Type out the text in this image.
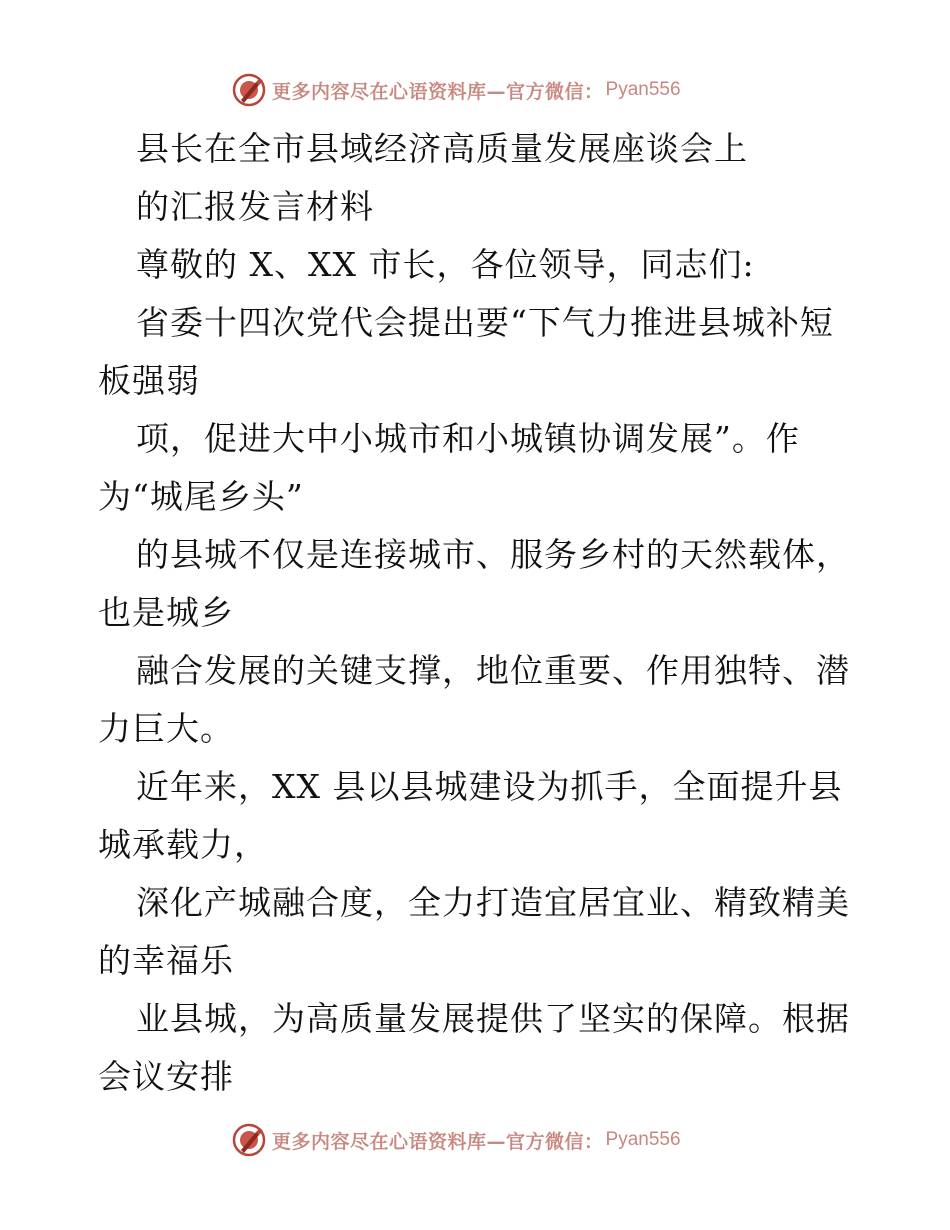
更多内容尽在心语资料库—官方微信： Pyan556
县长在全市县域经济高质量发展座谈会上
的汇报发言材料
尊敬的 X、XX 市长，各位领导，同志们:
省委十四次党代会提出要“下气力推进县城补短
板强弱
项，促进大中小城市和小城镇协调发展”。作
为“城尾乡头”
的县城不仅是连接城市、服务乡村的天然载体，
也是城乡
融合发展的关键支撑，地位重要、作用独特、潜
力巨大。
近年来，XX 县以县城建设为抓手，全面提升县
城承载力，
深化产城融合度，全力打造宜居宜业、精致精美
的幸福乐
业县城，为高质量发展提供了坚实的保障。根据
会议安排
更多内容尽在心语资料库—官方微信： Pyan556
